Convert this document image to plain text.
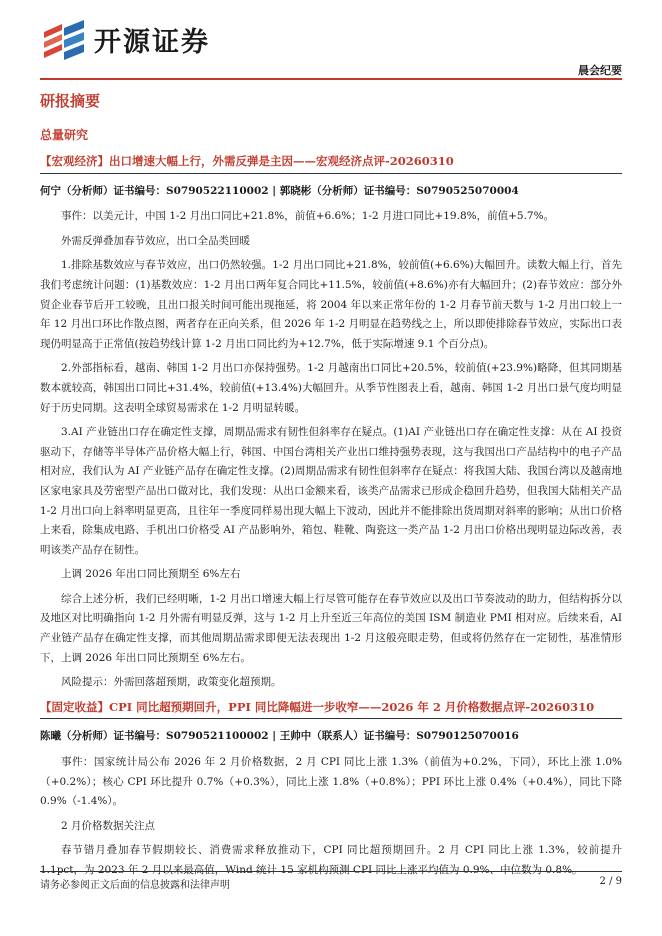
开源证券
晨会纪要
研报摘要
总量研究
【宏观经济】出口增速大幅上行，外需反弹是主因——宏观经济点评-20260310
何宁（分析师）证书编号：S0790522110002 | 郭晓彬（分析师）证书编号：S0790525070004

事件：以美元计，中国 1-2 月出口同比+21.8%，前值+6.6%；1-2 月进口同比+19.8%，前值+5.7%。

外需反弹叠加春节效应，出口全品类回暖

1.排除基数效应与春节效应，出口仍然较强。1-2 月出口同比+21.8%，较前值(+6.6%)大幅回升。读数大幅上行，首先我们考虑统计问题：(1)基数效应：1-2 月出口两年复合同比+11.5%，较前值(+8.6%)亦有大幅回升；(2)春节效应：部分外贸企业春节后开工较晚，且出口报关时间可能出现拖延，将 2004 年以来正常年份的 1-2 月春节前天数与 1-2 月出口较上一年 12 月出口环比作散点图，两者存在正向关系，但 2026 年 1-2 月明显在趋势线之上，所以即使排除春节效应，实际出口表现仍明显高于正常值(按趋势线计算 1-2 月出口同比约为+12.7%，低于实际增速 9.1 个百分点)。

2.外部指标看，越南、韩国 1-2 月出口亦保持强势。1-2 月越南出口同比+20.5%，较前值(+23.9%)略降，但其同期基数本就较高，韩国出口同比+31.4%，较前值(+13.4%)大幅回升。从季节性图表上看，越南、韩国 1-2 月出口景气度均明显好于历史同期。这表明全球贸易需求在 1-2 月明显转暖。

3.AI 产业链出口存在确定性支撑，周期品需求有韧性但斜率存在疑点。(1)AI 产业链出口存在确定性支撑：从在 AI 投资驱动下，存储等半导体产品价格大幅上行，韩国、中国台湾相关产业出口维持强势表现，这与我国出口产品结构中的电子产品相对应，我们认为 AI 产业链产品存在确定性支撑。(2)周期品需求有韧性但斜率存在疑点：将我国大陆、我国台湾以及越南地区家电家具及劳密型产品出口做对比，我们发现：从出口金额来看，该类产品需求已形成企稳回升趋势，但我国大陆相关产品 1-2 月出口向上斜率明显更高，且往年一季度同样易出现大幅上下波动，因此并不能排除出货周期对斜率的影响；从出口价格上来看，除集成电路、手机出口价格受 AI 产品影响外，箱包、鞋靴、陶瓷这一类产品 1-2 月出口价格出现明显边际改善，表明该类产品存在韧性。

上调 2026 年出口同比预期至 6%左右

综合上述分析，我们已经明晰，1-2 月出口增速大幅上行尽管可能存在春节效应以及出口节奏波动的助力，但结构拆分以及地区对比明确指向 1-2 月外需有明显反弹，这与 1-2 月上升至近三年高位的美国 ISM 制造业 PMI 相对应。后续来看，AI 产业链产品存在确定性支撑，而其他周期品需求即便无法表现出 1-2 月这般亮眼走势，但或将仍然存在一定韧性，基准情形下，上调 2026 年出口同比预期至 6%左右。

风险提示：外需回落超预期，政策变化超预期。

【固定收益】CPI 同比超预期回升，PPI 同比降幅进一步收窄——2026 年 2 月价格数据点评-20260310
陈曦（分析师）证书编号：S0790521100002 | 王帅中（联系人）证书编号：S0790125070016

事件：国家统计局公布 2026 年 2 月价格数据，2 月 CPI 同比上涨 1.3%（前值为+0.2%，下同），环比上涨 1.0%（+0.2%）；核心 CPI 环比提升 0.7%（+0.3%），同比上涨 1.8%（+0.8%）；PPI 环比上涨 0.4%（+0.4%），同比下降 0.9%（-1.4%）。

2 月价格数据关注点

春节错月叠加春节假期较长、消费需求释放推动下，CPI 同比超预期回升。2 月 CPI 同比上涨 1.3%，较前提升 1.1pct，为 2023 年 2 月以来最高值，Wind 统计 15 家机构预测 CPI 同比上涨平均值为 0.9%、中位数为 0.8%。

请务必参阅正文后面的信息披露和法律声明	2 / 9
